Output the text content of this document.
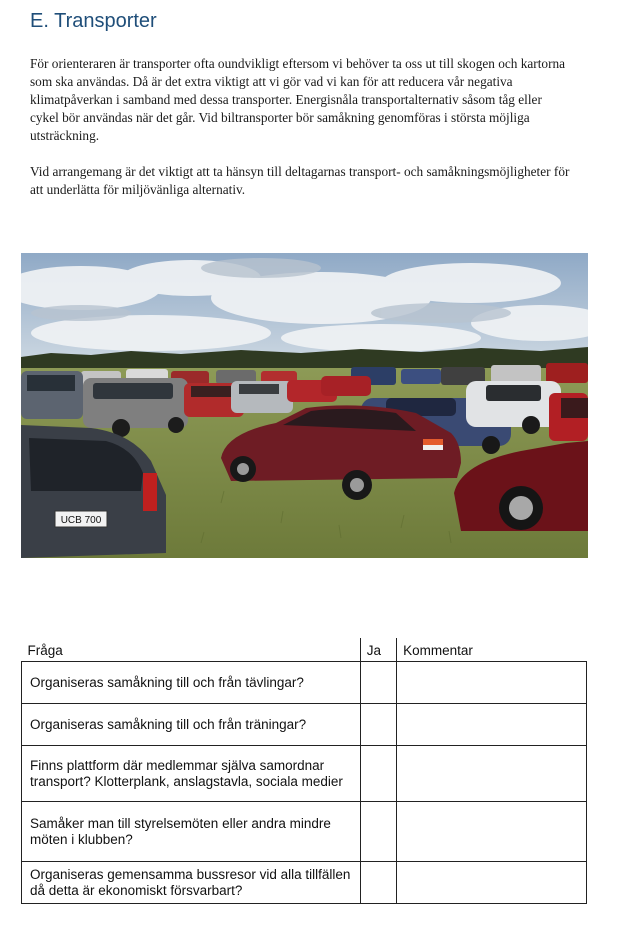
E. Transporter

För orienteraren är transporter ofta oundvikligt eftersom vi behöver ta oss ut till skogen och kartorna som ska användas. Då är det extra viktigt att vi gör vad vi kan för att reducera vår negativa klimatpåverkan i samband med dessa transporter. Energisnåla transportalternativ såsom tåg eller cykel bör användas när det går. Vid biltransporter bör samåkning genomföras i största möjliga utsträckning.

Vid arrangemang är det viktigt att ta hänsyn till deltagarnas transport- och samåkningsmöjligheter för att underlätta för miljövänliga alternativ.

UCB 700
Fråga	Ja	Kommentar
Organiseras samåkning till och från tävlingar?		
Organiseras samåkning till och från träningar?		
Finns plattform där medlemmar själva samordnar transport? Klotterplank, anslagstavla, sociala medier		
Samåker man till styrelsemöten eller andra mindre möten i klubben?		
Organiseras gemensamma bussresor vid alla tillfällen då detta är ekonomiskt försvarbart?		
